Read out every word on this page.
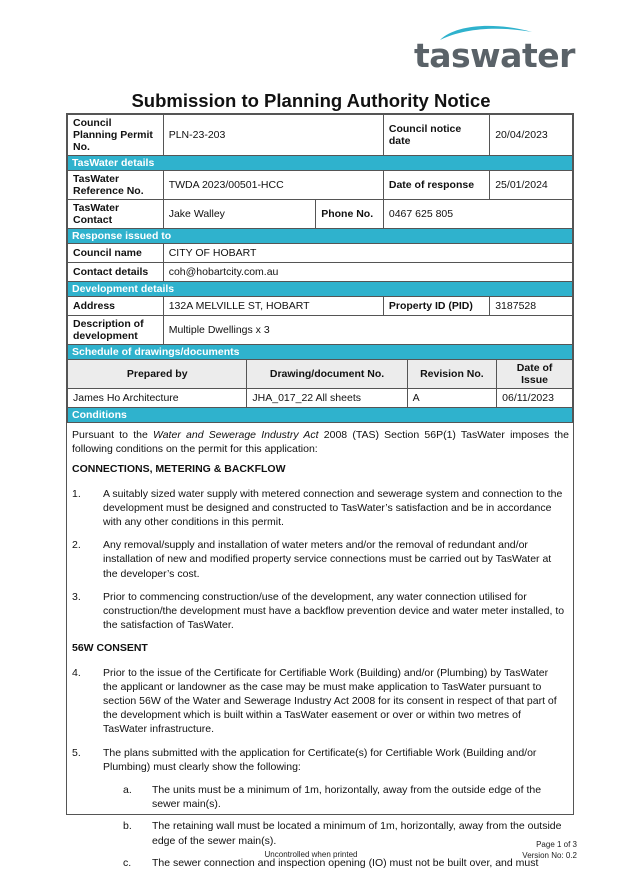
taswater
Submission to Planning Authority Notice
Council Planning Permit No.	PLN-23-203		Council notice date	20/04/2023
TasWater details				
TasWater Reference No.	TWDA 2023/00501-HCC		Date of response	25/01/2024
TasWater Contact	Jake Walley	Phone No.	0467 625 805	
Response issued to				
Council name	CITY OF HOBART			
Contact details	coh@hobartcity.com.au			
Development details				
Address	132A MELVILLE ST, HOBART		Property ID (PID)	3187528
Description of development	Multiple Dwellings x 3			
Schedule of drawings/documents				
Prepared by	Drawing/document No.	Revision No.	Date of Issue
James Ho Architecture	JHA_017_22 All sheets	A	06/11/2023
Conditions			

Pursuant to the Water and Sewerage Industry Act 2008 (TAS) Section 56P(1) TasWater imposes the following conditions on the permit for this application:

CONNECTIONS, METERING & BACKFLOW
1.	A suitably sized water supply with metered connection and sewerage system and connection to the development must be designed and constructed to TasWater’s satisfaction and be in accordance with any other conditions in this permit.
2.	Any removal/supply and installation of water meters and/or the removal of redundant and/or installation of new and modified property service connections must be carried out by TasWater at the developer’s cost.
3.	Prior to commencing construction/use of the development, any water connection utilised for construction/the development must have a backflow prevention device and water meter installed, to the satisfaction of TasWater.
56W CONSENT
4.	Prior to the issue of the Certificate for Certifiable Work (Building) and/or (Plumbing) by TasWater the applicant or landowner as the case may be must make application to TasWater pursuant to section 56W of the Water and Sewerage Industry Act 2008 for its consent in respect of that part of the development which is built within a TasWater easement or over or within two metres of TasWater infrastructure.
5.	The plans submitted with the application for Certificate(s) for Certifiable Work (Building and/or Plumbing) must clearly show the following:
a.	The units must be a minimum of 1m, horizontally, away from the outside edge of the sewer main(s).
b.	The retaining wall must be located a minimum of 1m, horizontally, away from the outside edge of the sewer main(s).
c.	The sewer connection and inspection opening (IO) must not be built over, and must
Page 1 of 3
Version No: 0.2
Uncontrolled when printed
